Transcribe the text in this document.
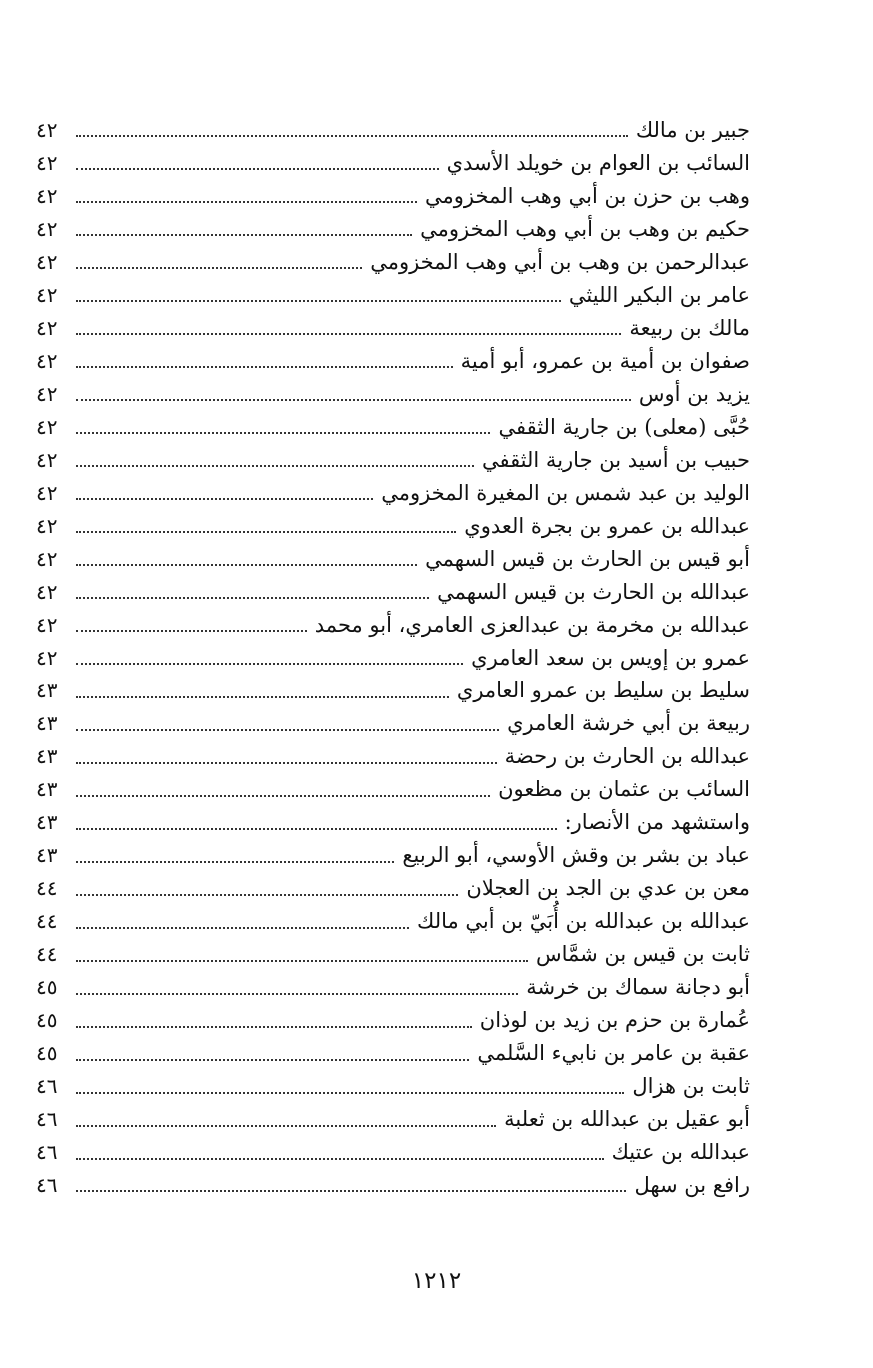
جبير بن مالك
٤٢
السائب بن العوام بن خويلد الأسدي
٤٢
وهب بن حزن بن أبي وهب المخزومي
٤٢
حكيم بن وهب بن أبي وهب المخزومي
٤٢
عبدالرحمن بن وهب بن أبي وهب المخزومي
٤٢
عامر بن البكير الليثي
٤٢
مالك بن ربيعة
٤٢
صفوان بن أمية بن عمرو، أبو أمية
٤٢
يزيد بن أوس
٤٢
حُبَّى (معلى) بن جارية الثقفي
٤٢
حبيب بن أسيد بن جارية الثقفي
٤٢
الوليد بن عبد شمس بن المغيرة المخزومي
٤٢
عبدالله بن عمرو بن بجرة العدوي
٤٢
أبو قيس بن الحارث بن قيس السهمي
٤٢
عبدالله بن الحارث بن قيس السهمي
٤٢
عبدالله بن مخرمة بن عبدالعزى العامري، أبو محمد
٤٢
عمرو بن إويس بن سعد العامري
٤٢
سليط بن سليط بن عمرو العامري
٤٣
ربيعة بن أبي خرشة العامري
٤٣
عبدالله بن الحارث بن رحضة
٤٣
السائب بن عثمان بن مظعون
٤٣
واستشهد من الأنصار:
٤٣
عباد بن بشر بن وقش الأوسي، أبو الربيع
٤٣
معن بن عدي بن الجد بن العجلان
٤٤
عبدالله بن عبدالله بن أُبَيّ بن أبي مالك
٤٤
ثابت بن قيس بن شمَّاس
٤٤
أبو دجانة سماك بن خرشة
٤٥
عُمارة بن حزم بن زيد بن لوذان
٤٥
عقبة بن عامر بن نابيء السَّلمي
٤٥
ثابت بن هزال
٤٦
أبو عقيل بن عبدالله بن ثعلبة
٤٦
عبدالله بن عتيك
٤٦
رافع بن سهل
٤٦
١٢١٢
